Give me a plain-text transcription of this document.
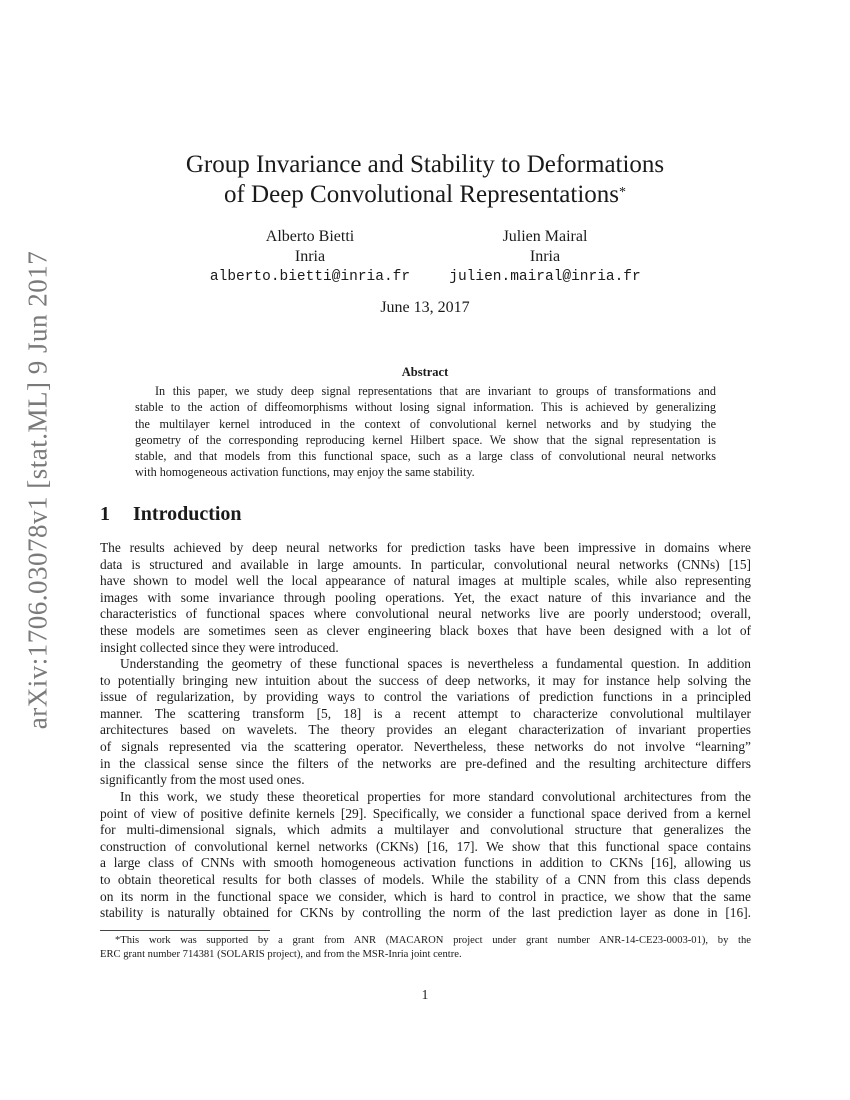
arXiv:1706.03078v1 [stat.ML] 9 Jun 2017
Group Invariance and Stability to Deformations
of Deep Convolutional Representations*
Alberto Bietti
Inria
alberto.bietti@inria.fr
Julien Mairal
Inria
julien.mairal@inria.fr
June 13, 2017
Abstract
In this paper, we study deep signal representations that are invariant to groups of transformations and
stable to the action of diffeomorphisms without losing signal information. This is achieved by generalizing
the multilayer kernel introduced in the context of convolutional kernel networks and by studying the
geometry of the corresponding reproducing kernel Hilbert space. We show that the signal representation is
stable, and that models from this functional space, such as a large class of convolutional neural networks
with homogeneous activation functions, may enjoy the same stability.
1 Introduction
The results achieved by deep neural networks for prediction tasks have been impressive in domains where
data is structured and available in large amounts. In particular, convolutional neural networks (CNNs) [15]
have shown to model well the local appearance of natural images at multiple scales, while also representing
images with some invariance through pooling operations. Yet, the exact nature of this invariance and the
characteristics of functional spaces where convolutional neural networks live are poorly understood; overall,
these models are sometimes seen as clever engineering black boxes that have been designed with a lot of
insight collected since they were introduced.
Understanding the geometry of these functional spaces is nevertheless a fundamental question. In addition
to potentially bringing new intuition about the success of deep networks, it may for instance help solving the
issue of regularization, by providing ways to control the variations of prediction functions in a principled
manner. The scattering transform [5, 18] is a recent attempt to characterize convolutional multilayer
architectures based on wavelets. The theory provides an elegant characterization of invariant properties
of signals represented via the scattering operator. Nevertheless, these networks do not involve “learning”
in the classical sense since the filters of the networks are pre-defined and the resulting architecture differs
significantly from the most used ones.
In this work, we study these theoretical properties for more standard convolutional architectures from the
point of view of positive definite kernels [29]. Specifically, we consider a functional space derived from a kernel
for multi-dimensional signals, which admits a multilayer and convolutional structure that generalizes the
construction of convolutional kernel networks (CKNs) [16, 17]. We show that this functional space contains
a large class of CNNs with smooth homogeneous activation functions in addition to CKNs [16], allowing us
to obtain theoretical results for both classes of models. While the stability of a CNN from this class depends
on its norm in the functional space we consider, which is hard to control in practice, we show that the same
stability is naturally obtained for CKNs by controlling the norm of the last prediction layer as done in [16].
*This work was supported by a grant from ANR (MACARON project under grant number ANR-14-CE23-0003-01), by the
ERC grant number 714381 (SOLARIS project), and from the MSR-Inria joint centre.
1
